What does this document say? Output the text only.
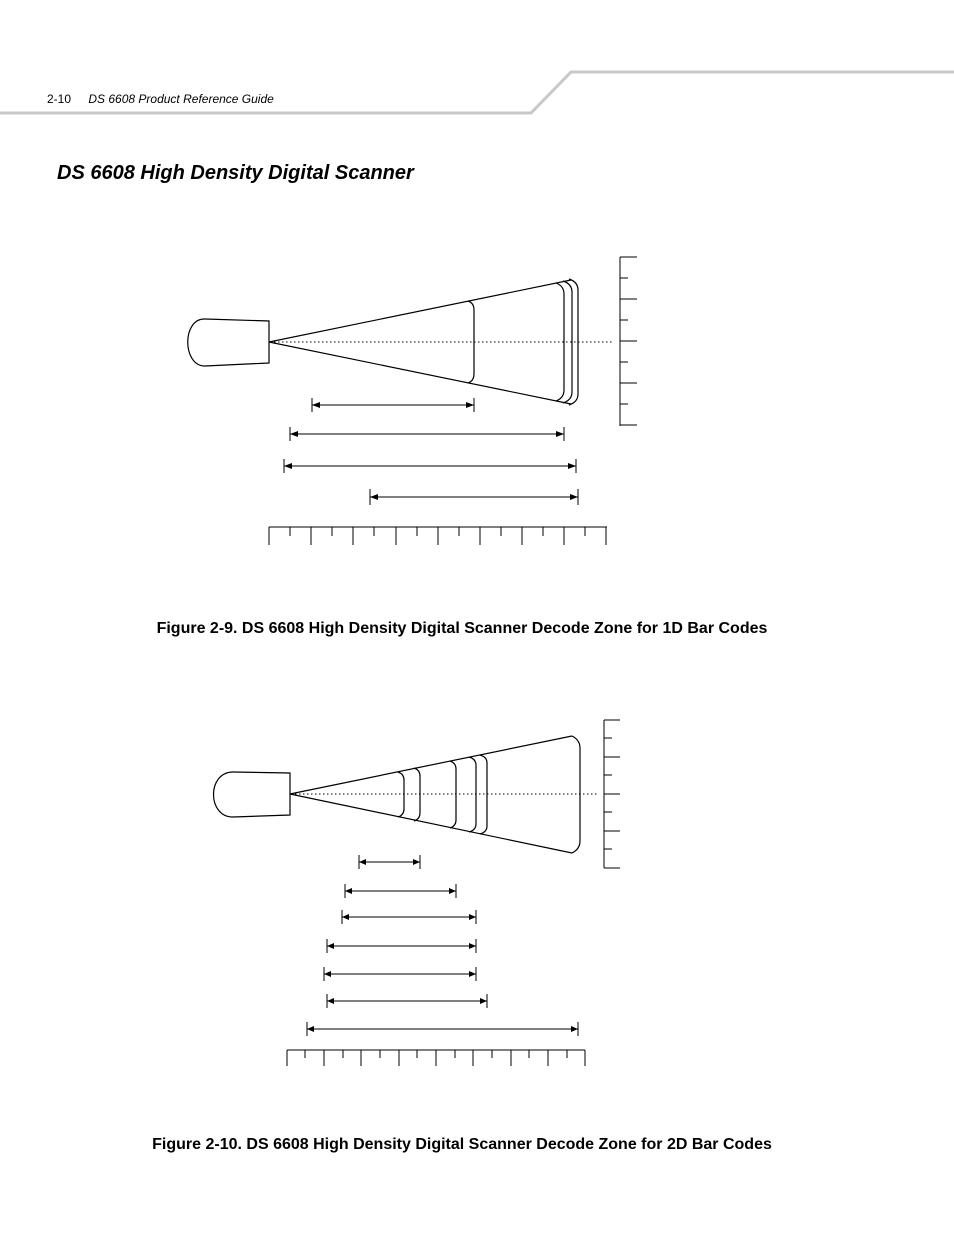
2-10 DS 6608 Product Reference Guide
DS 6608 High Density Digital Scanner

Figure 2-9. DS 6608 High Density Digital Scanner Decode Zone for 1D Bar Codes

Figure 2-10. DS 6608 High Density Digital Scanner Decode Zone for 2D Bar Codes
